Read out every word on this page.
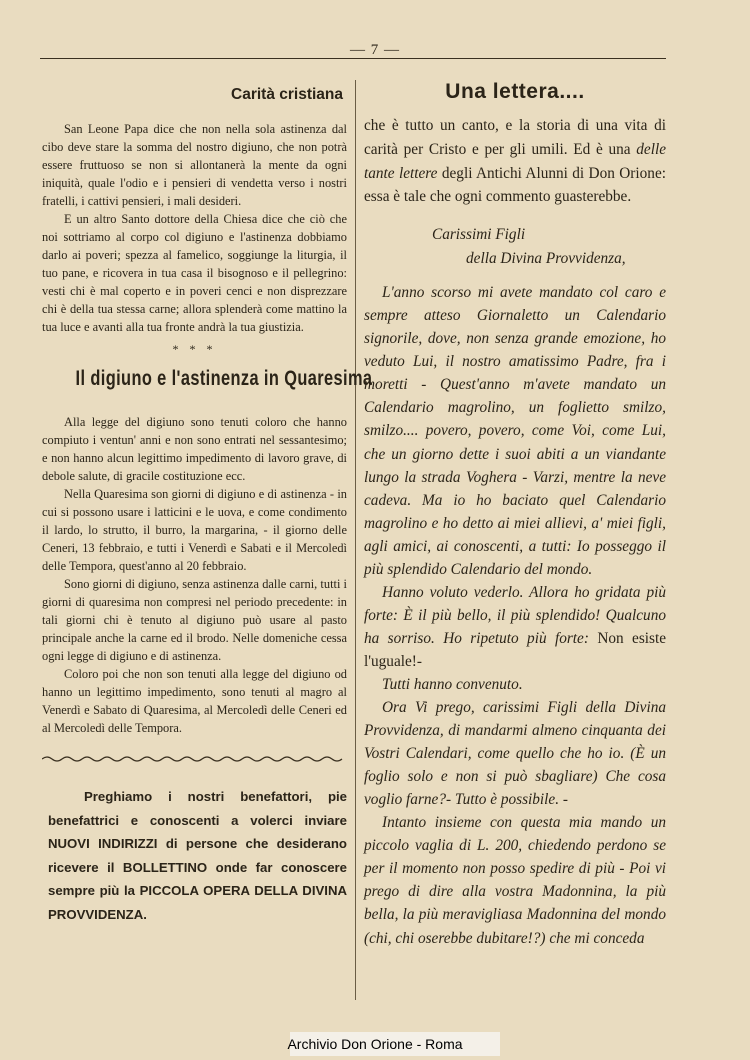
— 7 —
Carità cristiana

San Leone Papa dice che non nella sola astinenza dal cibo deve stare la somma del nostro digiuno, che non potrà essere fruttuoso se non si allontanerà la mente da ogni iniquità, quale l'odio e i pensieri di vendetta verso i nostri fratelli, i cattivi pensieri, i mali desideri.

E un altro Santo dottore della Chiesa dice che ciò che noi sottriamo al corpo col digiuno e l'astinenza dobbiamo darlo ai poveri; spezza al famelico, soggiunge la liturgia, il tuo pane, e ricovera in tua casa il bisognoso e il pellegrino: vesti chi è mal coperto e in poveri cenci e non disprezzare chi è della tua stessa carne; allora splenderà come mattino la tua luce e avanti alla tua fronte andrà la tua giustizia.

* * *
Il digiuno e l'astinenza in Quaresima

Alla legge del digiuno sono tenuti coloro che hanno compiuto i ventun' anni e non sono entrati nel sessantesimo; e non hanno alcun legittimo impedimento di lavoro grave, di debole salute, di gracile costituzione ecc.

Nella Quaresima son giorni di digiuno e di astinenza - in cui si possono usare i latticini e le uova, e come condimento il lardo, lo strutto, il burro, la margarina, - il giorno delle Ceneri, 13 febbraio, e tutti i Venerdì e Sabati e il Mercoledì delle Tempora, quest'anno al 20 febbraio.

Sono giorni di digiuno, senza astinenza dalle carni, tutti i giorni di quaresima non compresi nel periodo precedente: in tali giorni chi è tenuto al digiuno può usare al pasto principale anche la carne ed il brodo. Nelle domeniche cessa ogni legge di digiuno e di astinenza.

Coloro poi che non son tenuti alla legge del digiuno od hanno un legittimo impedimento, sono tenuti al magro al Venerdì e Sabato di Quaresima, al Mercoledì delle Ceneri ed al Mercoledì delle Tempora.

Preghiamo i nostri benefattori, pie benefattrici e conoscenti a volerci inviare NUOVI INDIRIZZI di persone che desiderano ricevere il BOLLETTINO onde far conoscere sempre più la PICCOLA OPERA DELLA DIVINA PROVVIDENZA.

Una lettera....

che è tutto un canto, e la storia di una vita di carità per Cristo e per gli umili. Ed è una delle tante lettere degli Antichi Alunni di Don Orione: essa è tale che ogni commento guasterebbe.

Carissimi Figli
della Divina Provvidenza,

L'anno scorso mi avete mandato col caro e sempre atteso Giornaletto un Calendario signorile, dove, non senza grande emozione, ho veduto Lui, il nostro amatissimo Padre, fra i moretti - Quest'anno m'avete mandato un Calendario magrolino, un foglietto smilzo, smilzo.... povero, povero, come Voi, come Lui, che un giorno dette i suoi abiti a un viandante lungo la strada Voghera - Varzi, mentre la neve cadeva. Ma io ho baciato quel Calendario magrolino e ho detto ai miei allievi, a' miei figli, agli amici, ai conoscenti, a tutti: Io posseggo il più splendido Calendario del mondo.

Hanno voluto vederlo. Allora ho gridata più forte: È il più bello, il più splendido! Qualcuno ha sorriso. Ho ripetuto più forte: Non esiste l'uguale!-

Tutti hanno convenuto.

Ora Vi prego, carissimi Figli della Divina Provvidenza, di mandarmi almeno cinquanta dei Vostri Calendari, come quello che ho io. (È un foglio solo e non si può sbagliare) Che cosa voglio farne?- Tutto è possibile. -

Intanto insieme con questa mia mando un piccolo vaglia di L. 200, chiedendo perdono se per il momento non posso spedire di più - Poi vi prego di dire alla vostra Madonnina, la più bella, la più meravigliasa Madonnina del mondo (chi, chi oserebbe dubitare!?) che mi conceda

Archivio Don Orione - Roma
